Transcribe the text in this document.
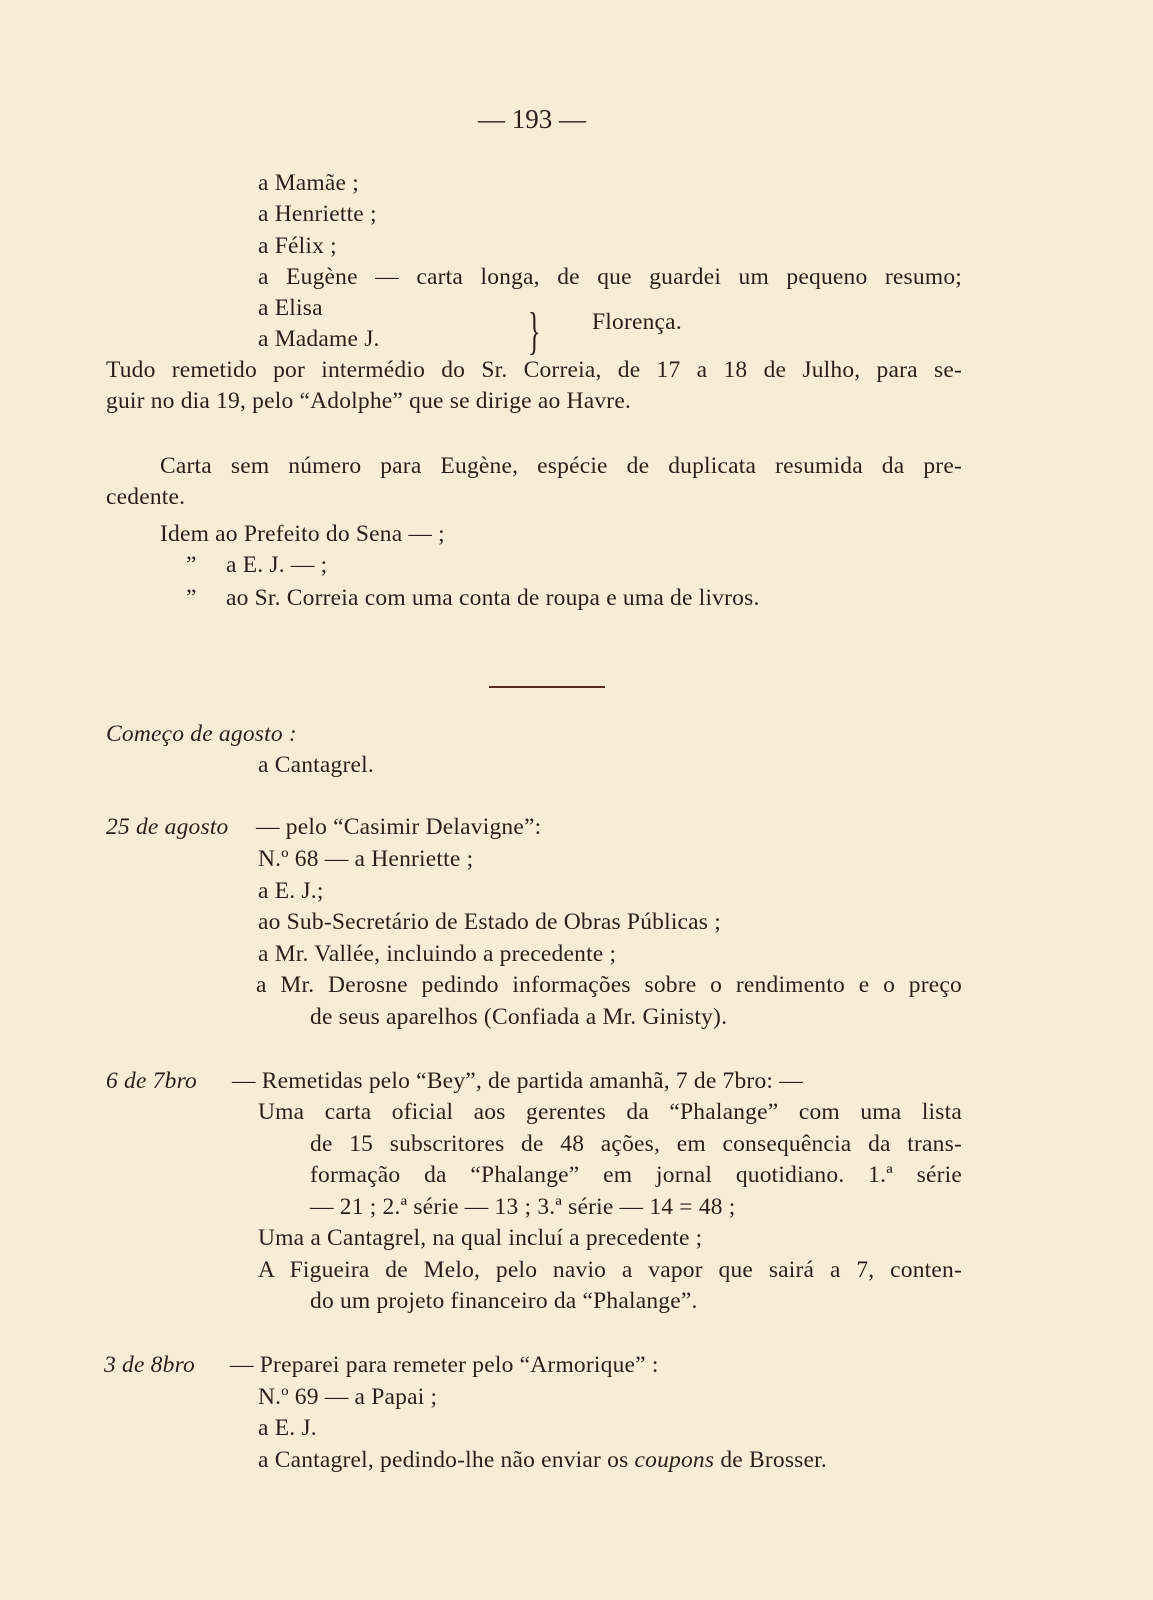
— 193 —
a Mamãe ;
a Henriette ;
a Félix ;
a Eugène — carta longa, de que guardei um pequeno resumo;
a Elisa
a Madame J.	} Florença.
Tudo remetido por intermédio do Sr. Correia, de 17 a 18 de Julho, para se-
guir no dia 19, pelo “Adolphe” que se dirige ao Havre.
Carta sem número para Eugène, espécie de duplicata resumida da pre-
cedente.
Idem ao Prefeito do Sena — ;
” a E. J. — ;
” ao Sr. Correia com uma conta de roupa e uma de livros.
Começo de agosto :
a Cantagrel.
25 de agosto — pelo “Casimir Delavigne”:
N.º 68 — a Henriette ;
a E. J.;
ao Sub-Secretário de Estado de Obras Públicas ;
a Mr. Vallée, incluindo a precedente ;
a Mr. Derosne pedindo informações sobre o rendimento e o preço
de seus aparelhos (Confiada a Mr. Ginisty).
6 de 7bro — Remetidas pelo “Bey”, de partida amanhã, 7 de 7bro: —
Uma carta oficial aos gerentes da “Phalange” com uma lista
de 15 subscritores de 48 ações, em consequência da trans-
formação da “Phalange” em jornal quotidiano. 1.ª série
— 21 ; 2.ª série — 13 ; 3.ª série — 14 = 48 ;
Uma a Cantagrel, na qual incluí a precedente ;
A Figueira de Melo, pelo navio a vapor que sairá a 7, conten-
do um projeto financeiro da “Phalange”.
3 de 8bro — Preparei para remeter pelo “Armorique” :
N.º 69 — a Papai ;
a E. J.
a Cantagrel, pedindo-lhe não enviar os coupons de Brosser.
